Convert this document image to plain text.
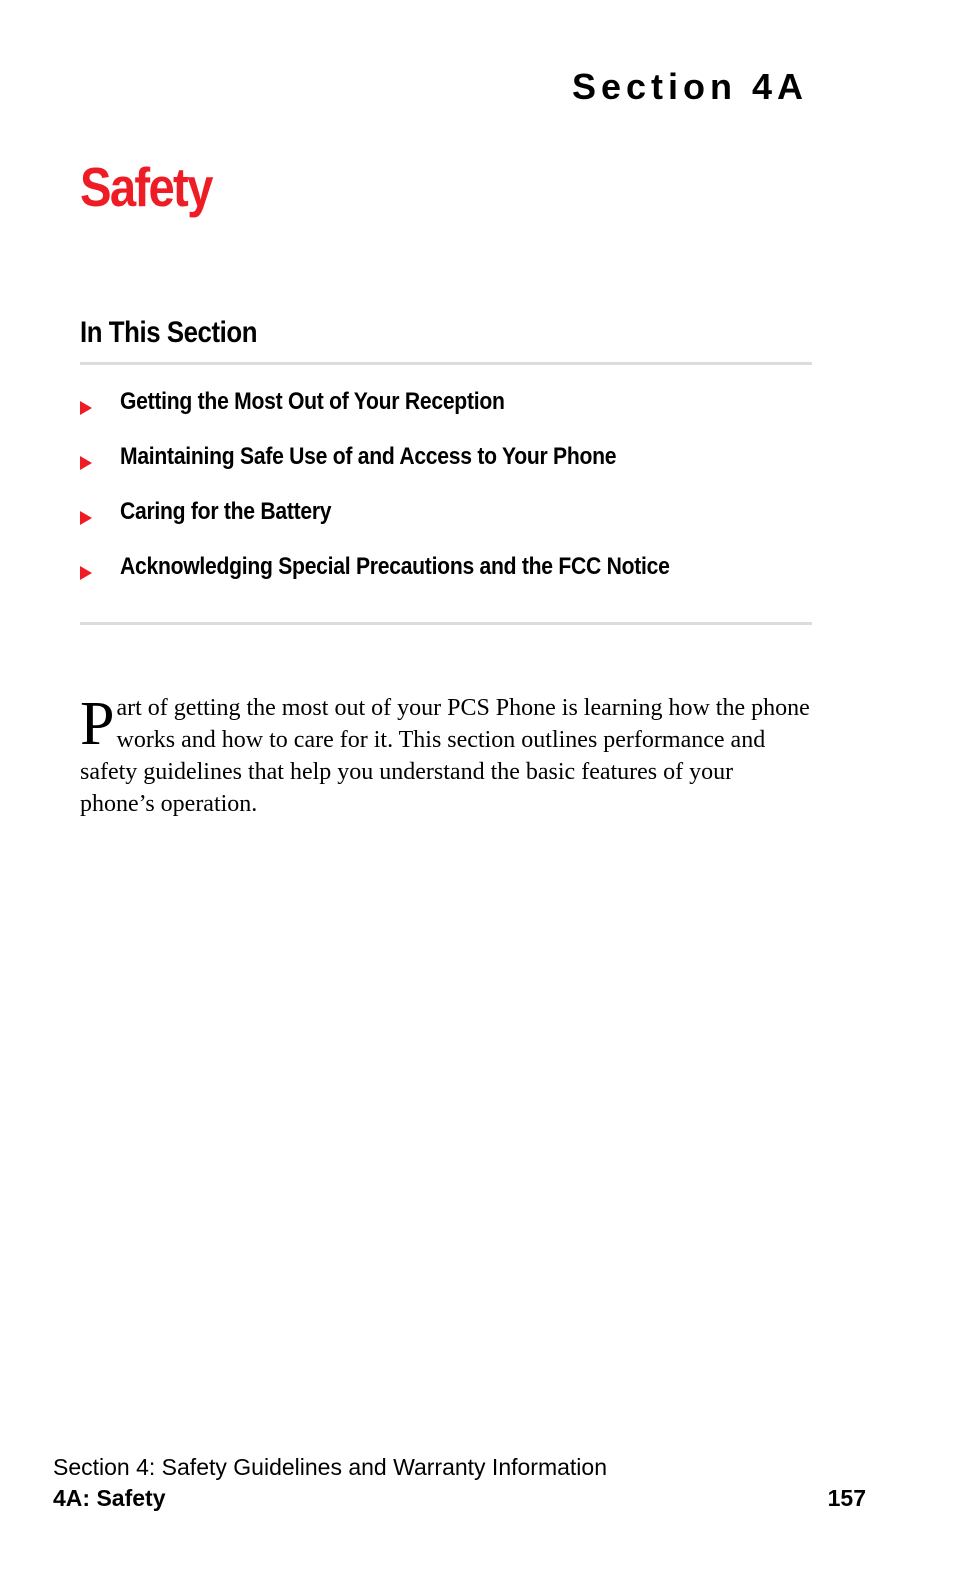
Section 4A
Safety
In This Section
Getting the Most Out of Your Reception
Maintaining Safe Use of and Access to Your Phone
Caring for the Battery
Acknowledging Special Precautions and the FCC Notice

Part of getting the most out of your PCS Phone is learning how the phone works and how to care for it. This section outlines performance and safety guidelines that help you understand the basic features of your phone’s operation.

Section 4: Safety Guidelines and Warranty Information
4A: Safety	157
